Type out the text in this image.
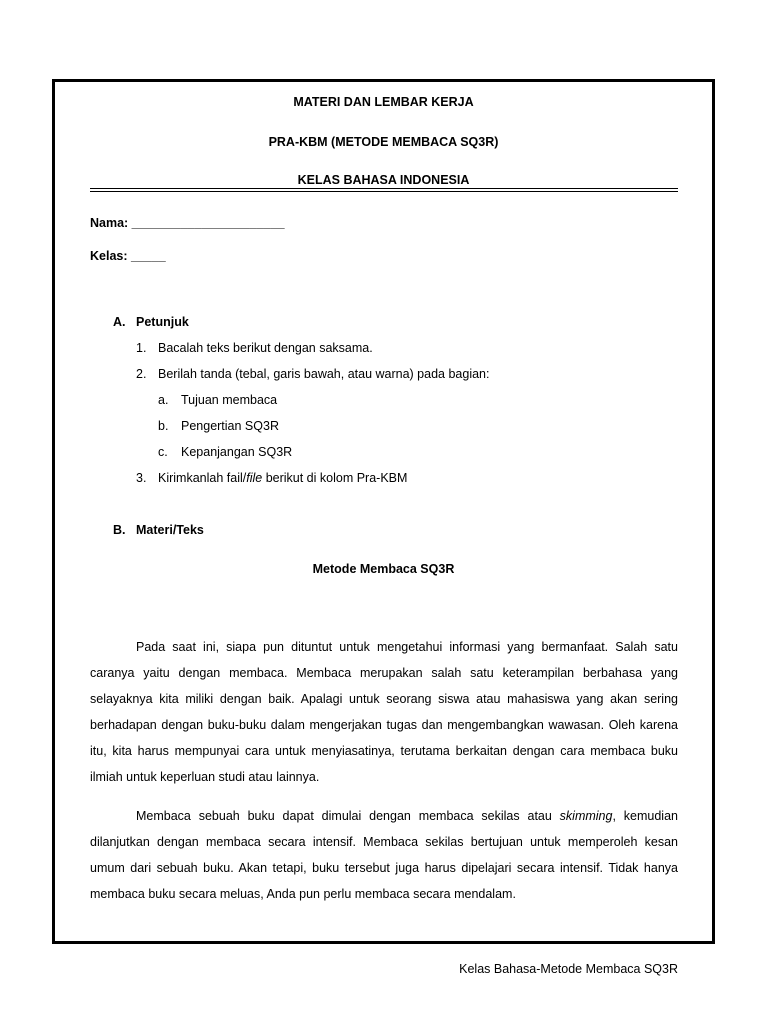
MATERI DAN LEMBAR KERJA
PRA-KBM (METODE MEMBACA SQ3R)
KELAS BAHASA INDONESIA
Nama: ______________________
Kelas: _____
A. Petunjuk
1. Bacalah teks berikut dengan saksama.
2. Berilah tanda (tebal, garis bawah, atau warna) pada bagian:
a. Tujuan membaca
b. Pengertian SQ3R
c. Kepanjangan SQ3R
3. Kirimkanlah fail/file berikut di kolom Pra-KBM
B. Materi/Teks
Metode Membaca SQ3R

Pada saat ini, siapa pun dituntut untuk mengetahui informasi yang bermanfaat. Salah satu caranya yaitu dengan membaca. Membaca merupakan salah satu keterampilan berbahasa yang selayaknya kita miliki dengan baik. Apalagi untuk seorang siswa atau mahasiswa yang akan sering berhadapan dengan buku-buku dalam mengerjakan tugas dan mengembangkan wawasan. Oleh karena itu, kita harus mempunyai cara untuk menyiasatinya, terutama berkaitan dengan cara membaca buku ilmiah untuk keperluan studi atau lainnya.

Membaca sebuah buku dapat dimulai dengan membaca sekilas atau skimming, kemudian dilanjutkan dengan membaca secara intensif. Membaca sekilas bertujuan untuk memperoleh kesan umum dari sebuah buku. Akan tetapi, buku tersebut juga harus dipelajari secara intensif. Tidak hanya membaca buku secara meluas, Anda pun perlu membaca secara mendalam.

Kelas Bahasa-Metode Membaca SQ3R
